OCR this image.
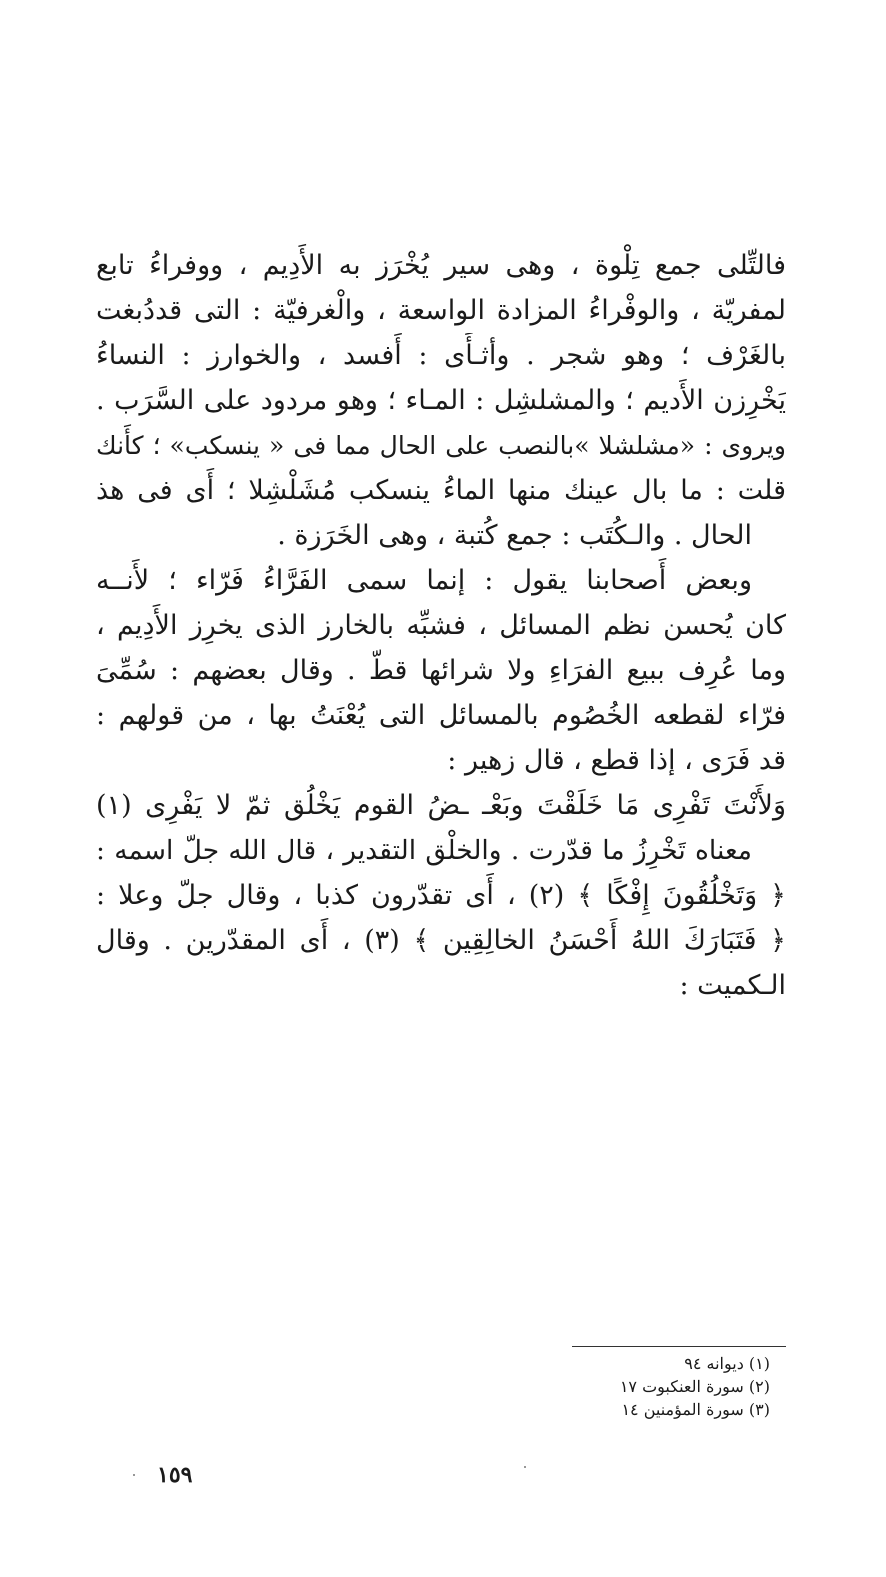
فالتِّلى جمع تِلْوة ، وهى سير يُخْرَز به الأَدِيم ، ووفراءُ تابع
لمفريّة ، والوفْراءُ المزادة الواسعة ، والْغرفيّة : التى قددُبغت
بالغَرْف ؛ وهو شجر . وأثـأَى : أَفسد ، والخوارز : النساءُ
يَخْرِزن الأَديم ؛ والمشلشِل : المـاء ؛ وهو مردود على السَّرَب .
ويروى : «مشلشلا »بالنصب على الحال مما فى « ينسكب» ؛ كأَنك
قلت : ما بال عينك منها الماءُ ينسكب مُشَلْشِلا ؛ أَى فى هذ
الحال . والـكُتَب : جمع كُتبة ، وهى الخَرَزة .
وبعض أَصحابنا يقول : إنما سمى الفَرَّاءُ فَرّاء ؛ لأَنــه
كان يُحسن نظم المسائل ، فشبِّه بالخارز الذى يخرِز الأَدِيم ،
وما عُرِف ببيع الفرَاءِ ولا شرائها قطّ . وقال بعضهم : سُمِّىَ
فرّاء لقطعه الخُصُوم بالمسائل التى يُعْنَتُ بها ، من قولهم :
قد فَرَى ، إذا قطع ، قال زهير :
وَلأَنْتَ تَفْرِى مَا خَلَقْتَ وبَعْـ ـضُ القوم يَخْلُق ثمّ لا يَفْرِى (١)
معناه تَخْرِزُ ما قدّرت . والخلْق التقدير ، قال الله جلّ اسمه :
﴿ وَتَخْلُقُونَ إِفْكًا ﴾ (٢) ، أَى تقدّرون كذبا ، وقال جلّ وعلا :
﴿ فَتَبَارَكَ اللهُ أَحْسَنُ الخالِقِين ﴾ (٣) ، أَى المقدّرين . وقال
الـكميت :
(١) ديوانه ٩٤
(٢) سورة العنكبوت ١٧
(٣) سورة المؤمنين ١٤
١٥٩
